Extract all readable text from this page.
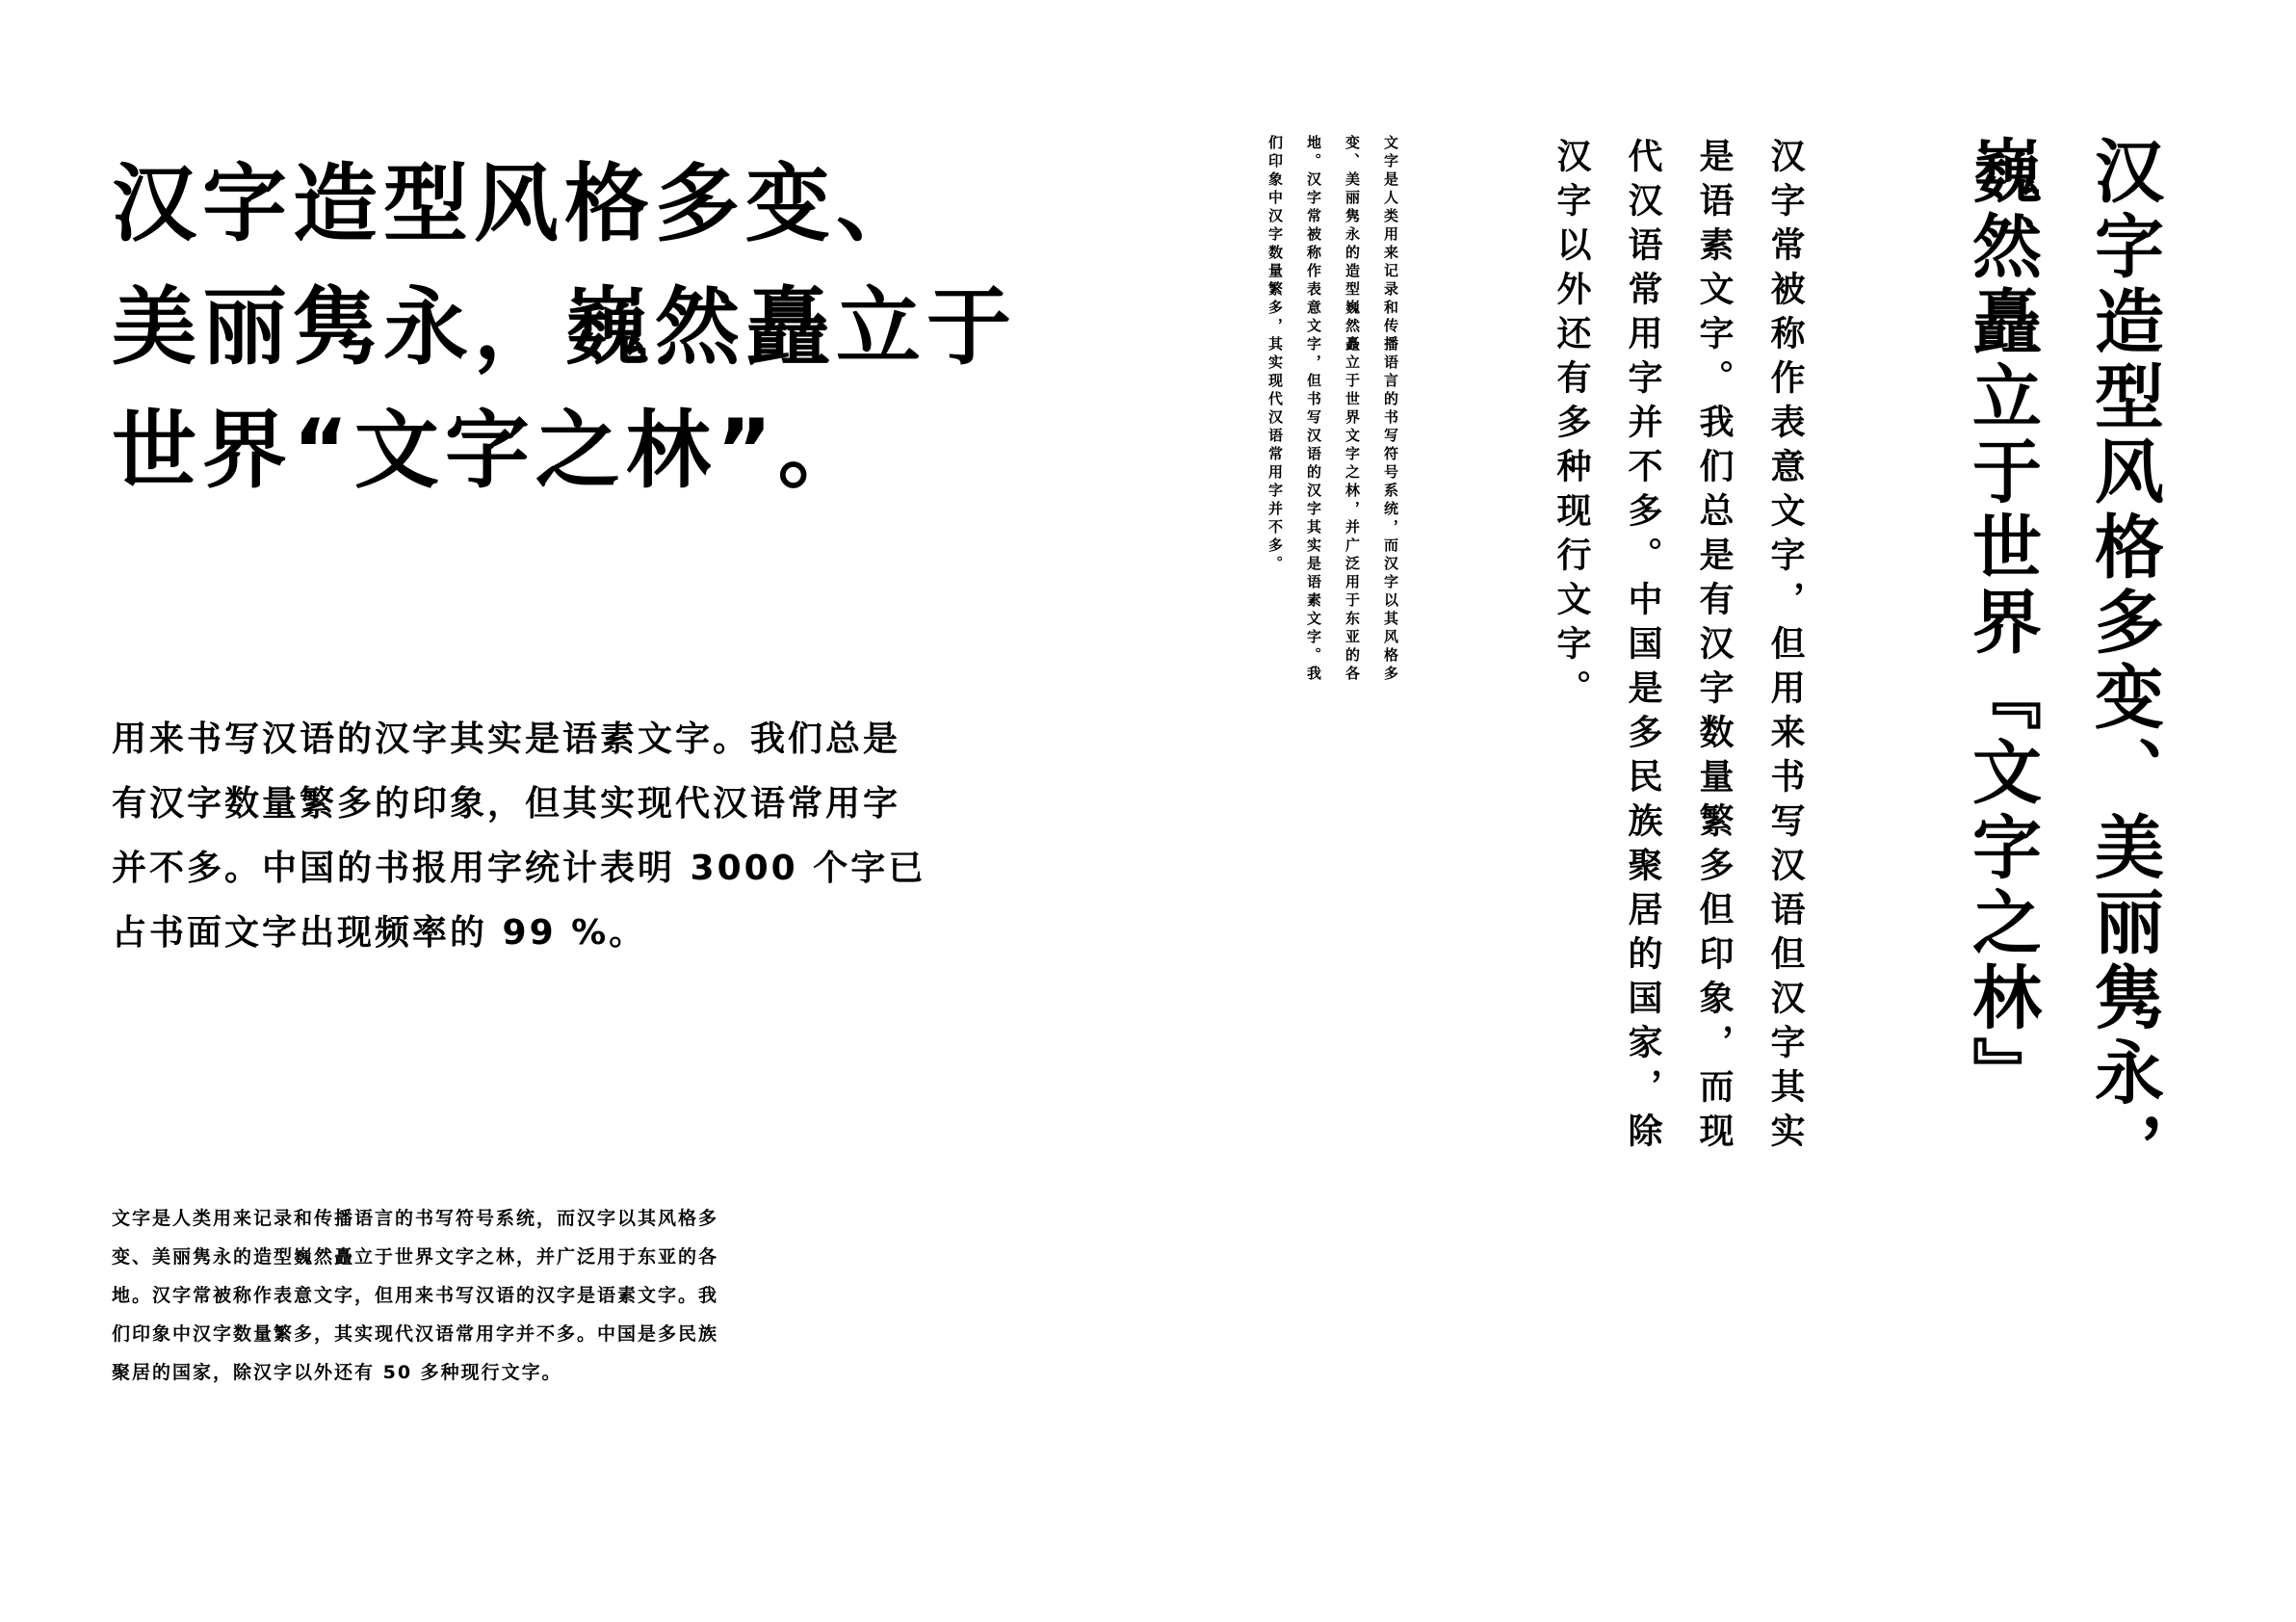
汉字造型风格多变、
美丽隽永，巍然矗立于
世界“文字之林”。
用来书写汉语的汉字其实是语素文字。我们总是
有汉字数量繁多的印象，但其实现代汉语常用字
并不多。中国的书报用字统计表明 3000 个字已
占书面文字出现频率的 99 %。
文字是人类用来记录和传播语言的书写符号系统，而汉字以其风格多
变、美丽隽永的造型巍然矗立于世界文字之林，并广泛用于东亚的各
地。汉字常被称作表意文字，但用来书写汉语的汉字是语素文字。我
们印象中汉字数量繁多，其实现代汉语常用字并不多。中国是多民族
聚居的国家，除汉字以外还有 50 多种现行文字。
汉字造型风格多变、美丽隽永，
巍然矗立于世界『文字之林』
汉字常被称作表意文字，但用来书写汉语但汉字其实
是语素文字。我们总是有汉字数量繁多但印象，而现
代汉语常用字并不多。中国是多民族聚居的国家，除
汉字以外还有多种现行文字。
文字是人类用来记录和传播语言的书写符号系统，而汉字以其风格多
变、美丽隽永的造型巍然矗立于世界文字之林，并广泛用于东亚的各
地。汉字常被称作表意文字，但书写汉语的汉字其实是语素文字。我
们印象中汉字数量繁多，其实现代汉语常用字并不多。
